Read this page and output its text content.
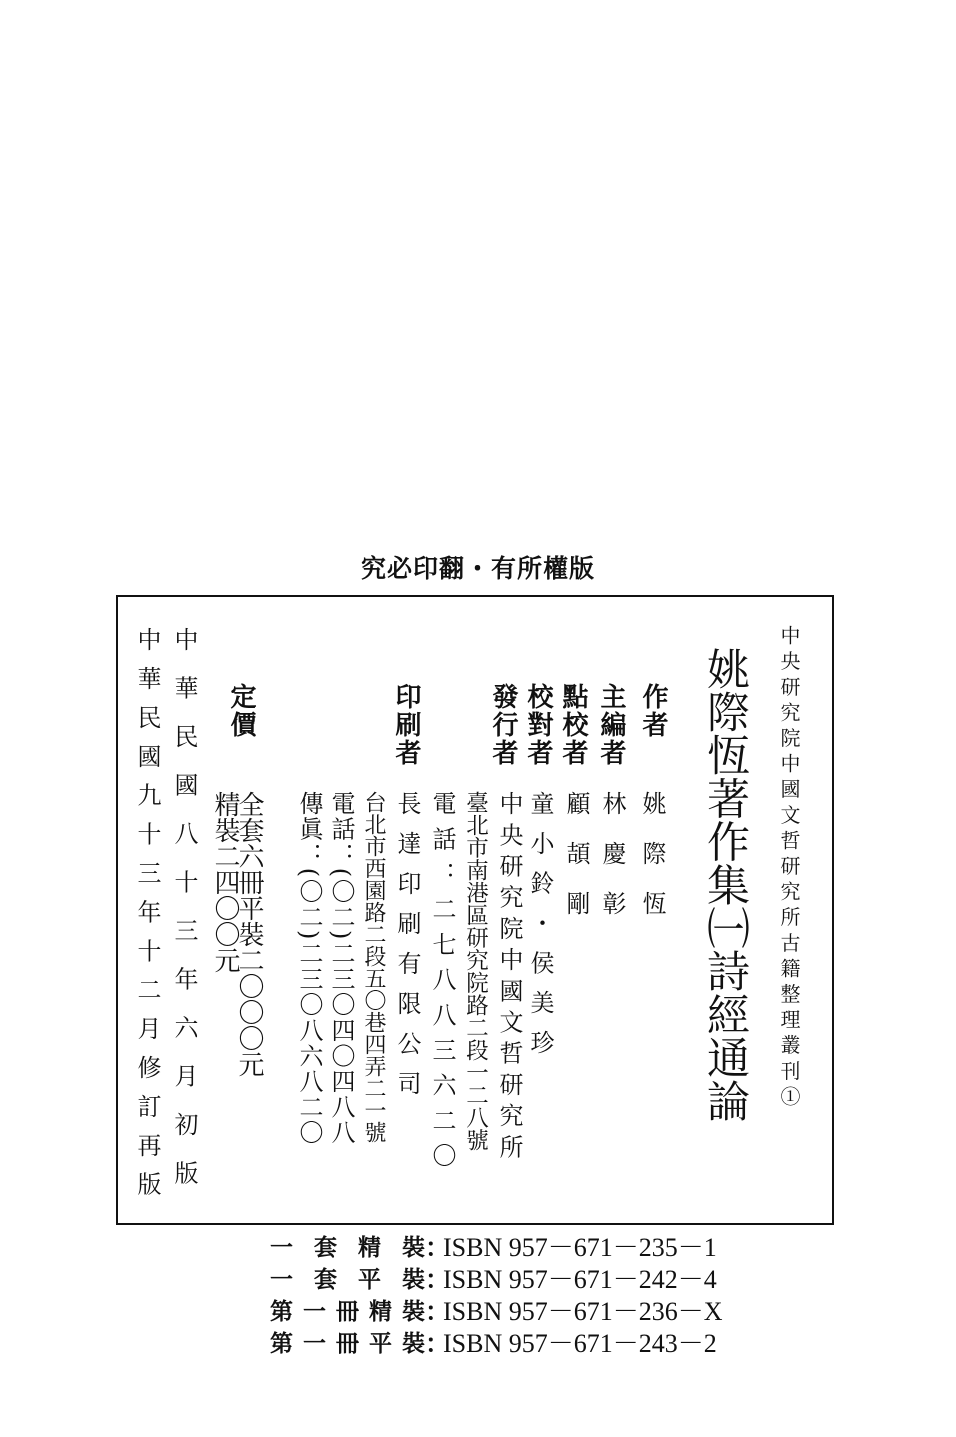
究必印翻・有所權版
中央研究院中國文哲研究所古籍整理叢刊①
姚際恆著作集㈠詩經通論
作者
姚際恆
主編者
林慶彰
點校者
顧頡剛
校對者
童小鈴・侯美珍
發行者
中央研究院中國文哲研究所
臺北市南港區研究院路二段一二八號
電話：二七八八三六二〇
印刷者
長達印刷有限公司
台北市西園路二段五〇巷四弄二一號
電話：(〇二)二三〇四〇四八八
傳眞：(〇二)二三〇八六八二〇
定價
全套六冊平裝二〇〇〇元
精裝二四〇〇元
中華民國八十三年六月初版
中華民國九十三年十二月修訂再版
一套精裝 ：
ISBN 957－671－235－1
一套平裝 ：
ISBN 957－671－242－4
第一冊精裝 ：
ISBN 957－671－236－X
第一冊平裝 ：
ISBN 957－671－243－2
